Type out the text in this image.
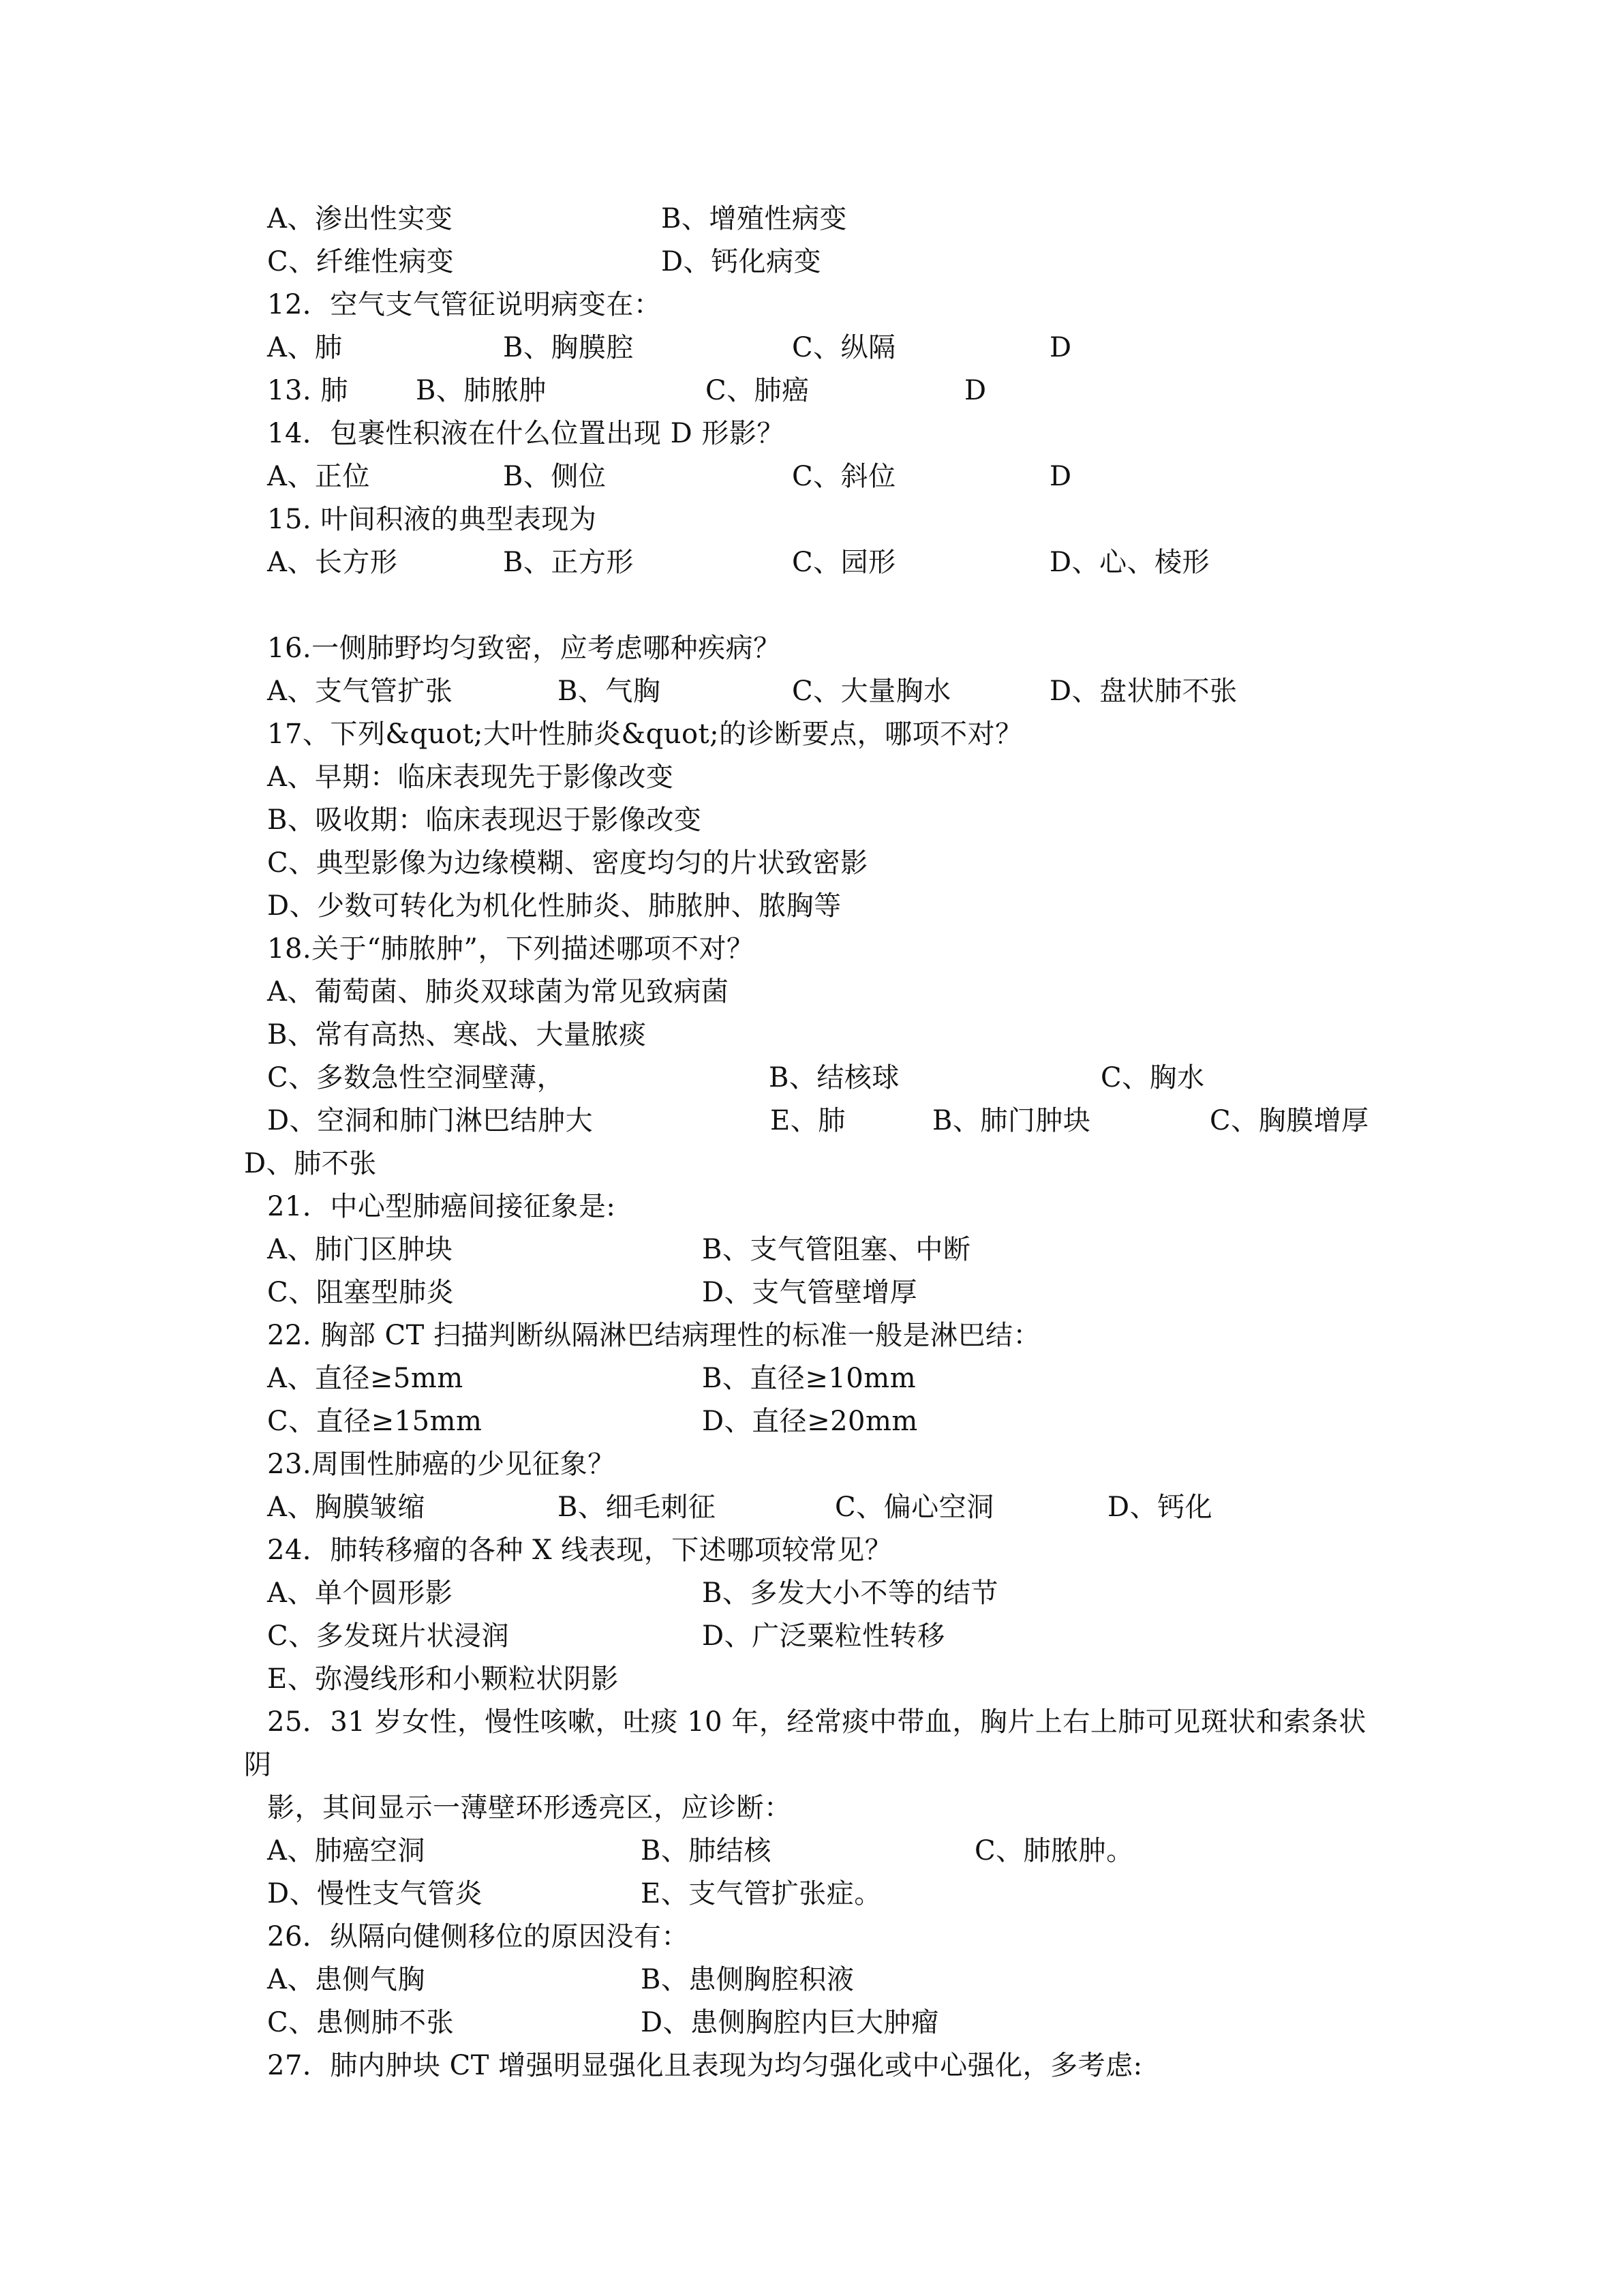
A、渗出性实变	B、增殖性病变
C、纤维性病变	D、钙化病变
12．空气支气管征说明病变在：
A、肺	B、胸膜腔	C、纵隔	D
13. 肺 B、肺脓肿	C、肺癌	D
14．包裹性积液在什么位置出现 D 形影？
A、正位	B、侧位	C、斜位	D
15. 叶间积液的典型表现为
A、长方形	B、正方形	C、园形	D、心、棱形
16.一侧肺野均匀致密，应考虑哪种疾病？
A、支气管扩张	B、气胸	C、大量胸水	D、盘状肺不张
17、下列&quot;大叶性肺炎&quot;的诊断要点，哪项不对？
A、早期：临床表现先于影像改变
B、吸收期：临床表现迟于影像改变
C、典型影像为边缘模糊、密度均匀的片状致密影
D、少数可转化为机化性肺炎、肺脓肿、脓胸等
18.关于“肺脓肿”，下列描述哪项不对？
A、葡萄菌、肺炎双球菌为常见致病菌
B、常有高热、寒战、大量脓痰
C、多数急性空洞壁薄，	B、结核球	C、胸水
D、空洞和肺门淋巴结肿大	E、肺	B、肺门肿块	C、胸膜增厚
D、肺不张
21．中心型肺癌间接征象是:
A、肺门区肿块	B、支气管阻塞、中断
C、阻塞型肺炎	D、支气管壁增厚
22. 胸部 CT 扫描判断纵隔淋巴结病理性的标准一般是淋巴结：
A、直径≥5mm	B、直径≥10mm
C、直径≥15mm	D、直径≥20mm
23.周围性肺癌的少见征象？
A、胸膜皱缩	B、细毛刺征	C、偏心空洞	D、钙化
24．肺转移瘤的各种 X 线表现，下述哪项较常见？
A、单个圆形影	B、多发大小不等的结节
C、多发斑片状浸润	D、广泛粟粒性转移
E、弥漫线形和小颗粒状阴影
25．31 岁女性，慢性咳嗽，吐痰 10 年，经常痰中带血，胸片上右上肺可见斑状和索条状
阴
影，其间显示一薄壁环形透亮区，应诊断：
A、肺癌空洞	B、肺结核	C、肺脓肿。
D、慢性支气管炎	E、支气管扩张症。
26．纵隔向健侧移位的原因没有：
A、患侧气胸	B、患侧胸腔积液
C、患侧肺不张	D、患侧胸腔内巨大肿瘤
27．肺内肿块 CT 增强明显强化且表现为均匀强化或中心强化，多考虑:
